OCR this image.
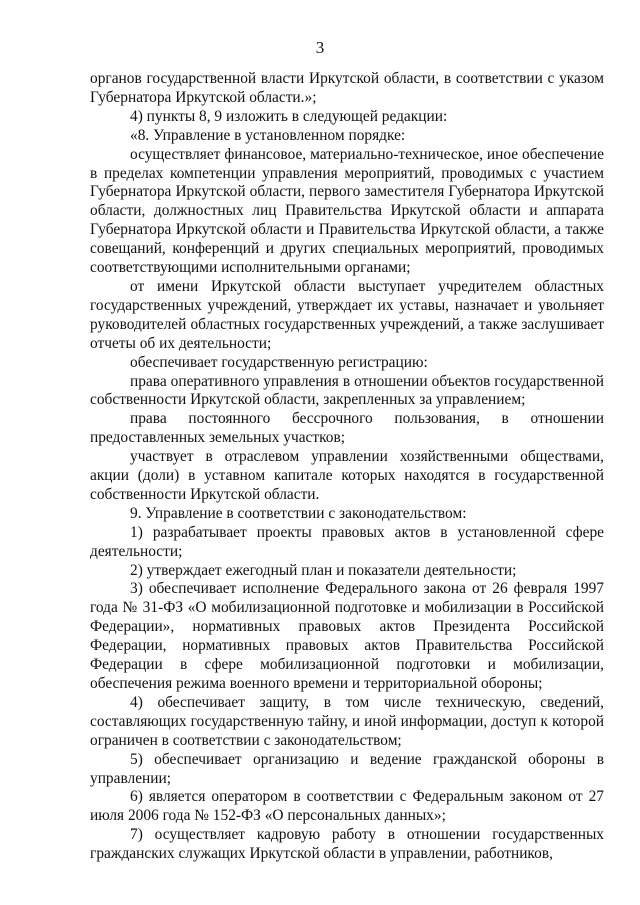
3

органов государственной власти Иркутской области, в соответствии с указом Губернатора Иркутской области.»;

4) пункты 8, 9 изложить в следующей редакции:

«8. Управление в установленном порядке:

осуществляет финансовое, материально-техническое, иное обеспечение в пределах компетенции управления мероприятий, проводимых с участием Губернатора Иркутской области, первого заместителя Губернатора Иркутской области, должностных лиц Правительства Иркутской области и аппарата Губернатора Иркутской области и Правительства Иркутской области, а также совещаний, конференций и других специальных мероприятий, проводимых соответствующими исполнительными органами;

от имени Иркутской области выступает учредителем областных государственных учреждений, утверждает их уставы, назначает и увольняет руководителей областных государственных учреждений, а также заслушивает отчеты об их деятельности;

обеспечивает государственную регистрацию:

права оперативного управления в отношении объектов государственной собственности Иркутской области, закрепленных за управлением;

права постоянного бессрочного пользования, в отношении предоставленных земельных участков;

участвует в отраслевом управлении хозяйственными обществами, акции (доли) в уставном капитале которых находятся в государственной собственности Иркутской области.

9. Управление в соответствии с законодательством:

1) разрабатывает проекты правовых актов в установленной сфере деятельности;

2) утверждает ежегодный план и показатели деятельности;

3) обеспечивает исполнение Федерального закона от 26 февраля 1997 года № 31-ФЗ «О мобилизационной подготовке и мобилизации в Российской Федерации», нормативных правовых актов Президента Российской Федерации, нормативных правовых актов Правительства Российской Федерации в сфере мобилизационной подготовки и мобилизации, обеспечения режима военного времени и территориальной обороны;

4) обеспечивает защиту, в том числе техническую, сведений, составляющих государственную тайну, и иной информации, доступ к которой ограничен в соответствии с законодательством;

5) обеспечивает организацию и ведение гражданской обороны в управлении;

6) является оператором в соответствии с Федеральным законом от 27 июля 2006 года № 152-ФЗ «О персональных данных»;

7) осуществляет кадровую работу в отношении государственных гражданских служащих Иркутской области в управлении, работников,
